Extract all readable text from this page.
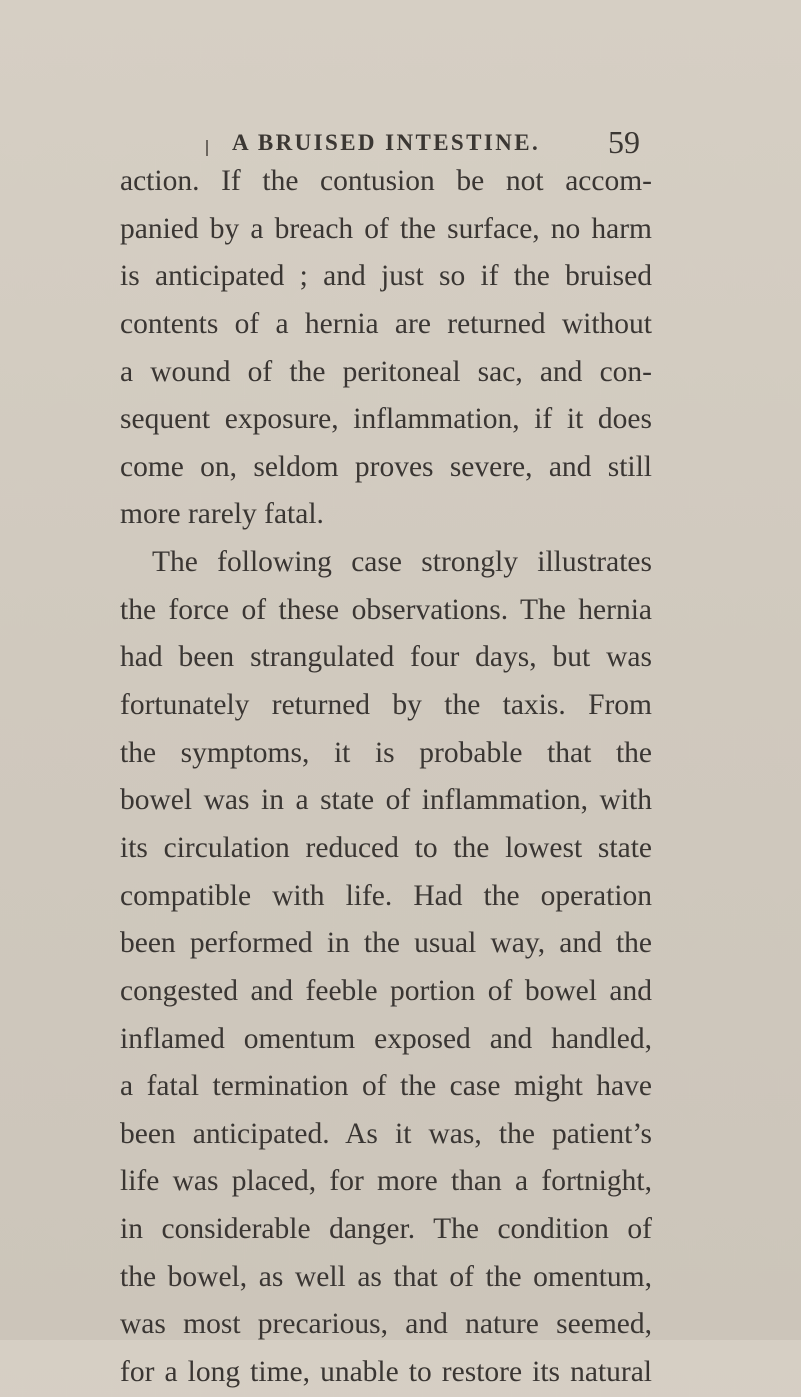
A BRUISED INTESTINE. 59
action. If the contusion be not accom-
panied by a breach of the surface, no harm
is anticipated ; and just so if the bruised
contents of a hernia are returned without
a wound of the peritoneal sac, and con-
sequent exposure, inflammation, if it does
come on, seldom proves severe, and still
more rarely fatal.
The following case strongly illustrates
the force of these observations. The hernia
had been strangulated four days, but was
fortunately returned by the taxis. From
the symptoms, it is probable that the
bowel was in a state of inflammation, with
its circulation reduced to the lowest state
compatible with life. Had the operation
been performed in the usual way, and the
congested and feeble portion of bowel and
inflamed omentum exposed and handled,
a fatal termination of the case might have
been anticipated. As it was, the patient’s
life was placed, for more than a fortnight,
in considerable danger. The condition of
the bowel, as well as that of the omentum,
was most precarious, and nature seemed,
for a long time, unable to restore its natural
